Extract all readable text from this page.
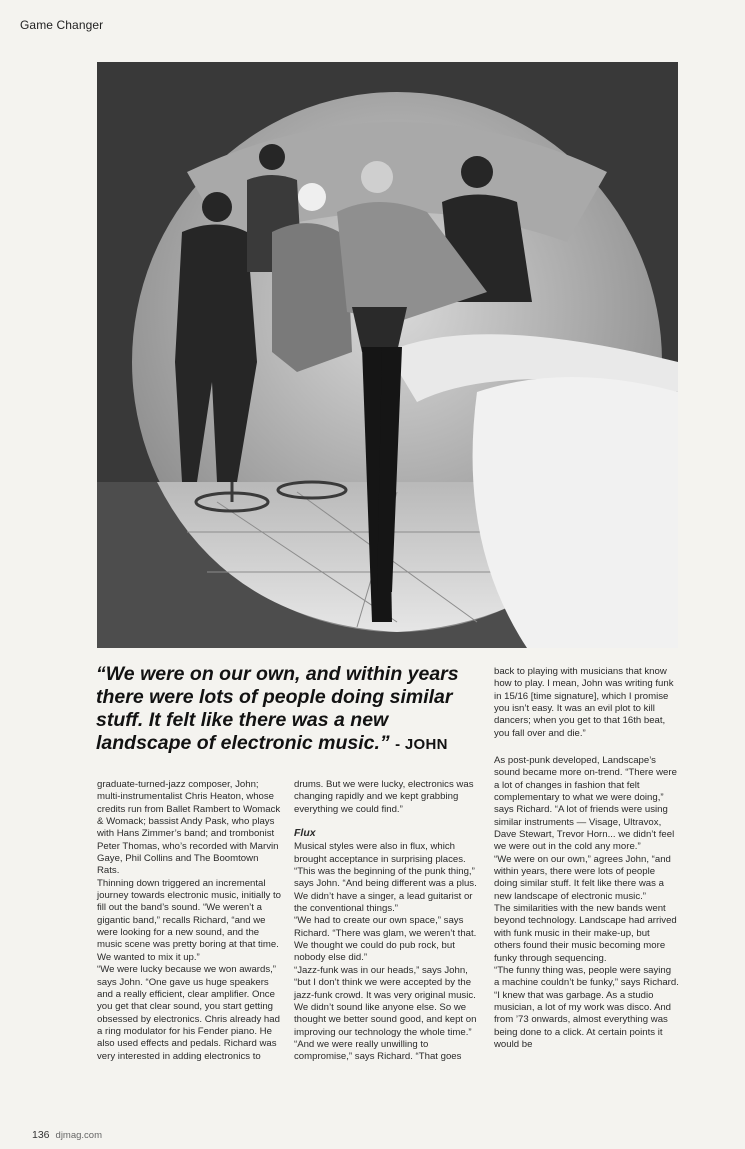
Game Changer
“We were on our own, and within years there were lots of people doing similar stuff. It felt like there was a new landscape of electronic music.” - JOHN

graduate-turned-jazz composer, John; multi-instrumentalist Chris Heaton, whose credits run from Ballet Rambert to Womack & Womack; bassist Andy Pask, who plays with Hans Zimmer’s band; and trombonist Peter Thomas, who’s recorded with Marvin Gaye, Phil Collins and The Boomtown Rats.

Thinning down triggered an incremental journey towards electronic music, initially to fill out the band’s sound. “We weren’t a gigantic band,” recalls Richard, “and we were looking for a new sound, and the music scene was pretty boring at that time. We wanted to mix it up.”

“We were lucky because we won awards,” says John. “One gave us huge speakers and a really efficient, clear amplifier. Once you get that clear sound, you start getting obsessed by electronics. Chris already had a ring modulator for his Fender piano. He also used effects and pedals. Richard was very interested in adding electronics to

drums. But we were lucky, electronics was changing rapidly and we kept grabbing everything we could find.”

Flux

Musical styles were also in flux, which brought acceptance in surprising places. “This was the beginning of the punk thing,” says John. “And being different was a plus. We didn’t have a singer, a lead guitarist or the conventional things.”

“We had to create our own space,” says Richard. “There was glam, we weren’t that. We thought we could do pub rock, but nobody else did.”

“Jazz-funk was in our heads,” says John, “but I don’t think we were accepted by the jazz-funk crowd. It was very original music. We didn’t sound like anyone else. So we thought we better sound good, and kept on improving our technology the whole time.”

“And we were really unwilling to compromise,” says Richard. “That goes

back to playing with musicians that know how to play. I mean, John was writing funk in 15/16 [time signature], which I promise you isn’t easy. It was an evil plot to kill dancers; when you get to that 16th beat, you fall over and die.”

As post-punk developed, Landscape’s sound became more on-trend. “There were a lot of changes in fashion that felt complementary to what we were doing,” says Richard. “A lot of friends were using similar instruments — Visage, Ultravox, Dave Stewart, Trevor Horn... we didn’t feel we were out in the cold any more.”

“We were on our own,” agrees John, “and within years, there were lots of people doing similar stuff. It felt like there was a new landscape of electronic music.”

The similarities with the new bands went beyond technology. Landscape had arrived with funk music in their make-up, but others found their music becoming more funky through sequencing.

“The funny thing was, people were saying a machine couldn’t be funky,” says Richard. “I knew that was garbage. As a studio musician, a lot of my work was disco. And from ’73 onwards, almost everything was being done to a click. At certain points it would be

136 djmag.com
